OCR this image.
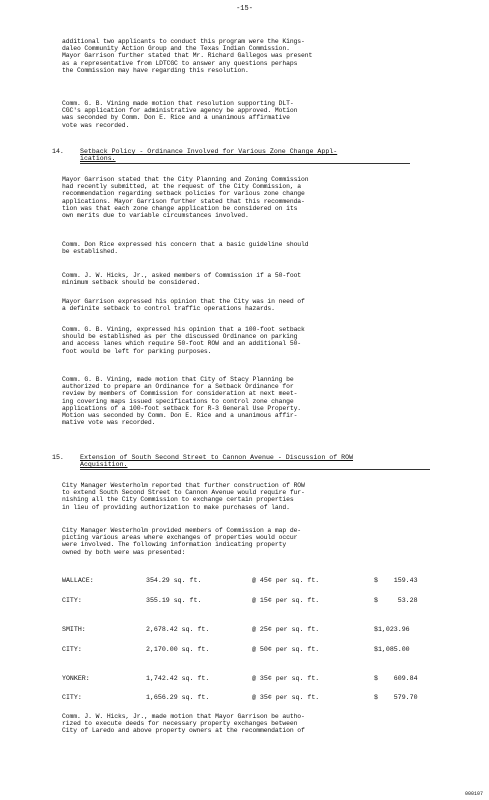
-15-
additional two applicants to conduct this program were the Kings-
daleo Community Action Group and the Texas Indian Commission.
Mayor Garrison further stated that Mr. Richard Gallegos was present
as a representative from LDTCGC to answer any questions perhaps
the Commission may have regarding this resolution.
Comm. G. B. Vining made motion that resolution supporting DLT-
CGC's application for administrative agency be approved. Motion
was seconded by Comm. Don E. Rice and a unanimous affirmative
vote was recorded.
14. Setback Policy - Ordinance Involved for Various Zone Change Appl-
ications.
Mayor Garrison stated that the City Planning and Zoning Commission
had recently submitted, at the request of the City Commission, a
recommendation regarding setback policies for various zone change
applications. Mayor Garrison further stated that this recommenda-
tion was that each zone change application be considered on its
own merits due to variable circumstances involved.
Comm. Don Rice expressed his concern that a basic guideline should
be established.
Comm. J. W. Hicks, Jr., asked members of Commission if a 50-foot
minimum setback should be considered.
Mayor Garrison expressed his opinion that the City was in need of
a definite setback to control traffic operations hazards.
Comm. G. B. Vining, expressed his opinion that a 100-foot setback
should be established as per the discussed Ordinance on parking
and access lanes which require 50-foot ROW and an additional 50-
foot would be left for parking purposes.
Comm. G. B. Vining, made motion that City of Stacy Planning be
authorized to prepare an Ordinance for a Setback Ordinance for
review by members of Commission for consideration at next meet-
ing covering maps issued specifications to control zone change
applications of a 100-foot setback for R-3 General Use Property.
Motion was seconded by Comm. Don E. Rice and a unanimous affir-
mative vote was recorded.
15. Extension of South Second Street to Cannon Avenue - Discussion of ROW
Acquisition.
City Manager Westerholm reported that further construction of ROW
to extend South Second Street to Cannon Avenue would require fur-
nishing all the City Commission to exchange certain properties
in lieu of providing authorization to make purchases of land.
City Manager Westerholm provided members of Commission a map de-
picting various areas where exchanges of properties would occur
were involved. The following information indicating property
owned by both were was presented:
WALLACE:	354.29 sq. ft.	@ 45¢ per sq. ft.	$    159.43
CITY:	355.19 sq. ft.	@ 15¢ per sq. ft.	$     53.28
SMITH:	2,678.42 sq. ft.	@ 25¢ per sq. ft.	$1,023.96
CITY:	2,170.00 sq. ft.	@ 50¢ per sq. ft.	$1,085.00
YONKER:	1,742.42 sq. ft.	@ 35¢ per sq. ft.	$    609.84
CITY:	1,656.29 sq. ft.	@ 35¢ per sq. ft.	$    579.70
Comm. J. W. Hicks, Jr., made motion that Mayor Garrison be autho-
rized to execute deeds for necessary property exchanges between
City of Laredo and above property owners at the recommendation of
000107
